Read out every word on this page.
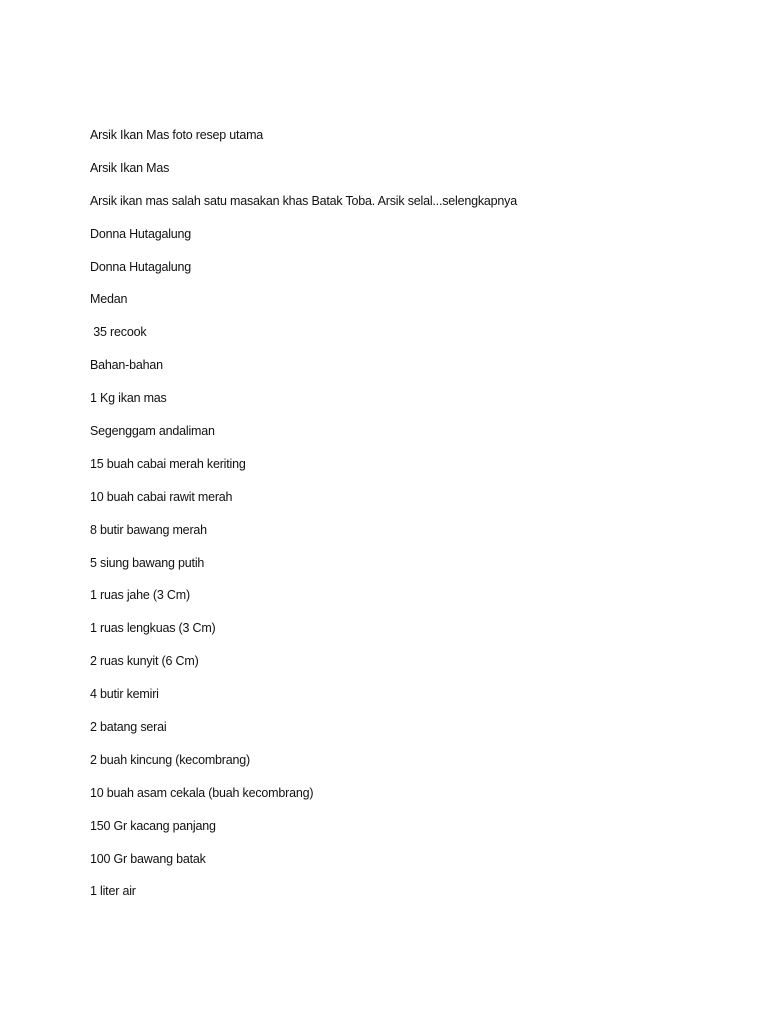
Arsik Ikan Mas foto resep utama
Arsik Ikan Mas
Arsik ikan mas salah satu masakan khas Batak Toba. Arsik selal...selengkapnya
Donna Hutagalung
Donna Hutagalung
Medan
35 recook
Bahan-bahan
1 Kg ikan mas
Segenggam andaliman
15 buah cabai merah keriting
10 buah cabai rawit merah
8 butir bawang merah
5 siung bawang putih
1 ruas jahe (3 Cm)
1 ruas lengkuas (3 Cm)
2 ruas kunyit (6 Cm)
4 butir kemiri
2 batang serai
2 buah kincung (kecombrang)
10 buah asam cekala (buah kecombrang)
150 Gr kacang panjang
100 Gr bawang batak
1 liter air
